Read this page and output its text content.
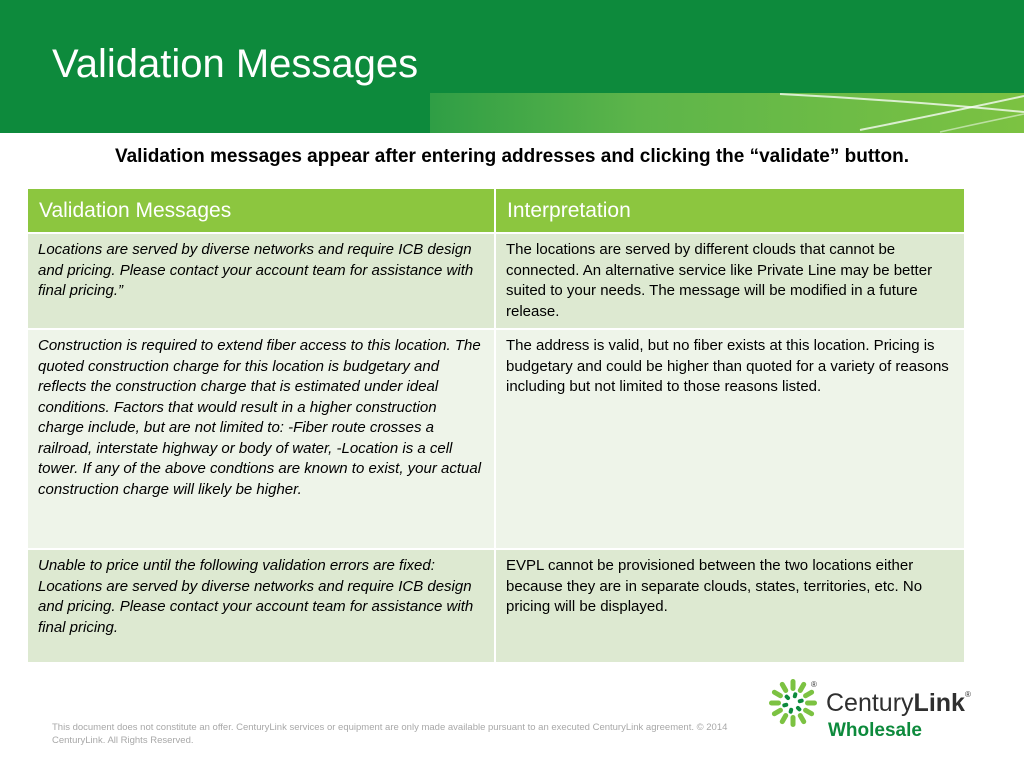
Validation Messages

Validation messages appear after entering addresses and clicking the “validate” button.

Validation Messages	Interpretation
Locations are served by diverse networks and require ICB design and pricing. Please contact your account team for assistance with final pricing.”	The locations are served by different clouds that cannot be connected. An alternative service like Private Line may be better suited to your needs. The message will be modified in a future release.
Construction is required to extend fiber access to this location. The quoted construction charge for this location is budgetary and reflects the construction charge that is estimated under ideal conditions. Factors that would result in a higher construction charge include, but are not limited to: -Fiber route crosses a railroad, interstate highway or body of water, -Location is a cell tower. If any of the above condtions are known to exist, your actual construction charge will likely be higher.	The address is valid, but no fiber exists at this location. Pricing is budgetary and could be higher than quoted for a variety of reasons including but not limited to those reasons listed.
Unable to price until the following validation errors are fixed: Locations are served by diverse networks and require ICB design and pricing. Please contact your account team for assistance with final pricing.	EVPL cannot be provisioned between the two locations either because they are in separate clouds, states, territories, etc. No pricing will be displayed.

This document does not constitute an offer. CenturyLink services or equipment are only made available pursuant to an executed CenturyLink agreement. © 2014 CenturyLink. All Rights Reserved.

®
CenturyLink®
Wholesale
